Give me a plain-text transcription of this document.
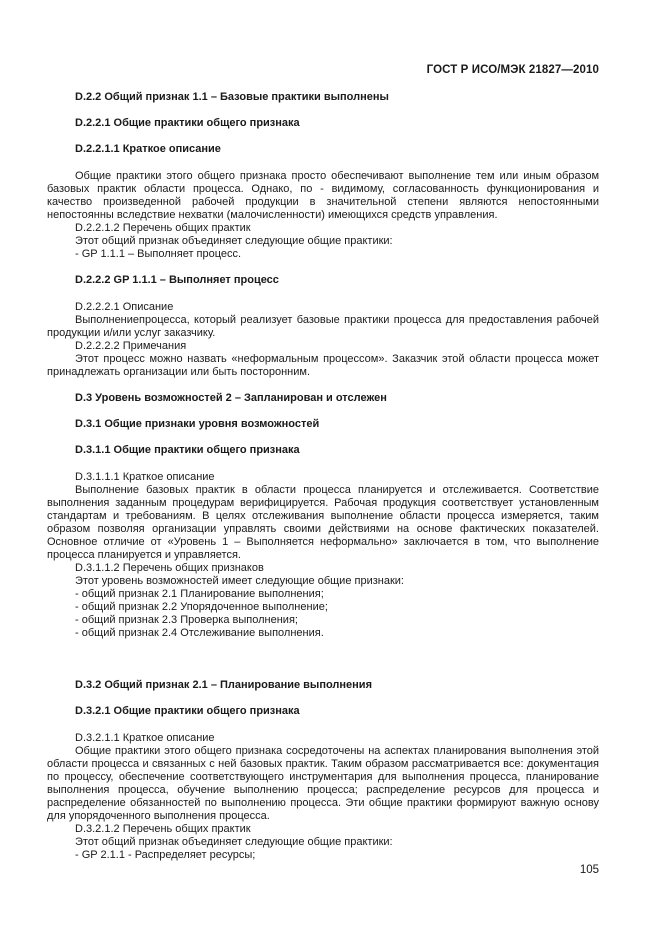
ГОСТ Р ИСО/МЭК 21827—2010

D.2.2 Общий признак 1.1 – Базовые практики выполнены

D.2.2.1 Общие практики общего признака

D.2.2.1.1 Краткое описание

Общие практики этого общего признака просто обеспечивают выполнение тем или иным образом базовых практик области процесса. Однако, по - видимому, согласованность функционирования и качество произведенной рабочей продукции в значительной степени являются непостоянными непостоянны вследствие нехватки (малочисленности) имеющихся средств управления.

D.2.2.1.2 Перечень общих практик

Этот общий признак объединяет следующие общие практики:

- GP 1.1.1 – Выполняет процесс.

D.2.2.2 GP 1.1.1 – Выполняет процесс

D.2.2.2.1 Описание

Выполнениепроцесса, который реализует базовые практики процесса для предоставления рабочей продукции и/или услуг заказчику.

D.2.2.2.2 Примечания

Этот процесс можно назвать «неформальным процессом». Заказчик этой области процесса может принадлежать организации или быть посторонним.

D.3 Уровень возможностей 2 – Запланирован и отслежен

D.3.1 Общие признаки уровня возможностей

D.3.1.1 Общие практики общего признака

D.3.1.1.1 Краткое описание

Выполнение базовых практик в области процесса планируется и отслеживается. Соответствие выполнения заданным процедурам верифицируется. Рабочая продукция соответствует установленным стандартам и требованиям. В целях отслеживания выполнение области процесса измеряется, таким образом позволяя организации управлять своими действиями на основе фактических показателей. Основное отличие от «Уровень 1 – Выполняется неформально» заключается в том, что выполнение процесса планируется и управляется.

D.3.1.1.2 Перечень общих признаков

Этот уровень возможностей имеет следующие общие признаки:

- общий признак 2.1 Планирование выполнения;

- общий признак 2.2 Упорядоченное выполнение;

- общий признак 2.3 Проверка выполнения;

- общий признак 2.4 Отслеживание выполнения.

D.3.2 Общий признак 2.1 – Планирование выполнения

D.3.2.1 Общие практики общего признака

D.3.2.1.1 Краткое описание

Общие практики этого общего признака сосредоточены на аспектах планирования выполнения этой области процесса и связанных с ней базовых практик. Таким образом рассматривается все: документация по процессу, обеспечение соответствующего инструментария для выполнения процесса, планирование выполнения процесса, обучение выполнению процесса; распределение ресурсов для процесса и распределение обязанностей по выполнению процесса. Эти общие практики формируют важную основу для упорядоченного выполнения процесса.

D.3.2.1.2 Перечень общих практик

Этот общий признак объединяет следующие общие практики:

- GP 2.1.1 - Распределяет ресурсы;

105
